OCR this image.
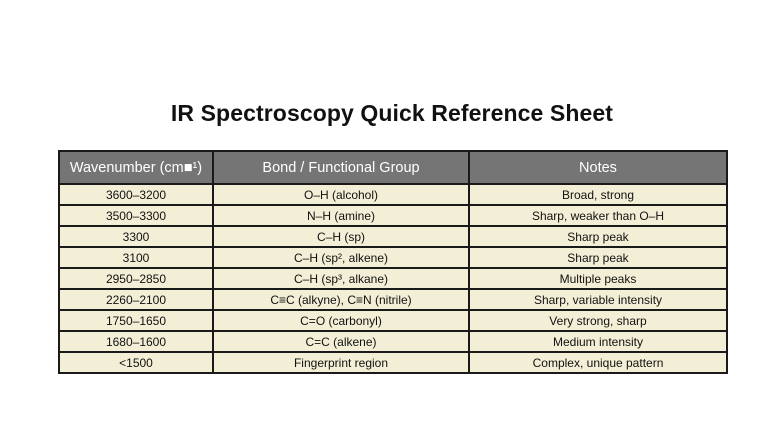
IR Spectroscopy Quick Reference Sheet
Wavenumber (cm■¹)	Bond / Functional Group	Notes
3600–3200	O–H (alcohol)	Broad, strong
3500–3300	N–H (amine)	Sharp, weaker than O–H
3300	C–H (sp)	Sharp peak
3100	C–H (sp², alkene)	Sharp peak
2950–2850	C–H (sp³, alkane)	Multiple peaks
2260–2100	C≡C (alkyne), C≡N (nitrile)	Sharp, variable intensity
1750–1650	C=O (carbonyl)	Very strong, sharp
1680–1600	C=C (alkene)	Medium intensity
<1500	Fingerprint region	Complex, unique pattern
